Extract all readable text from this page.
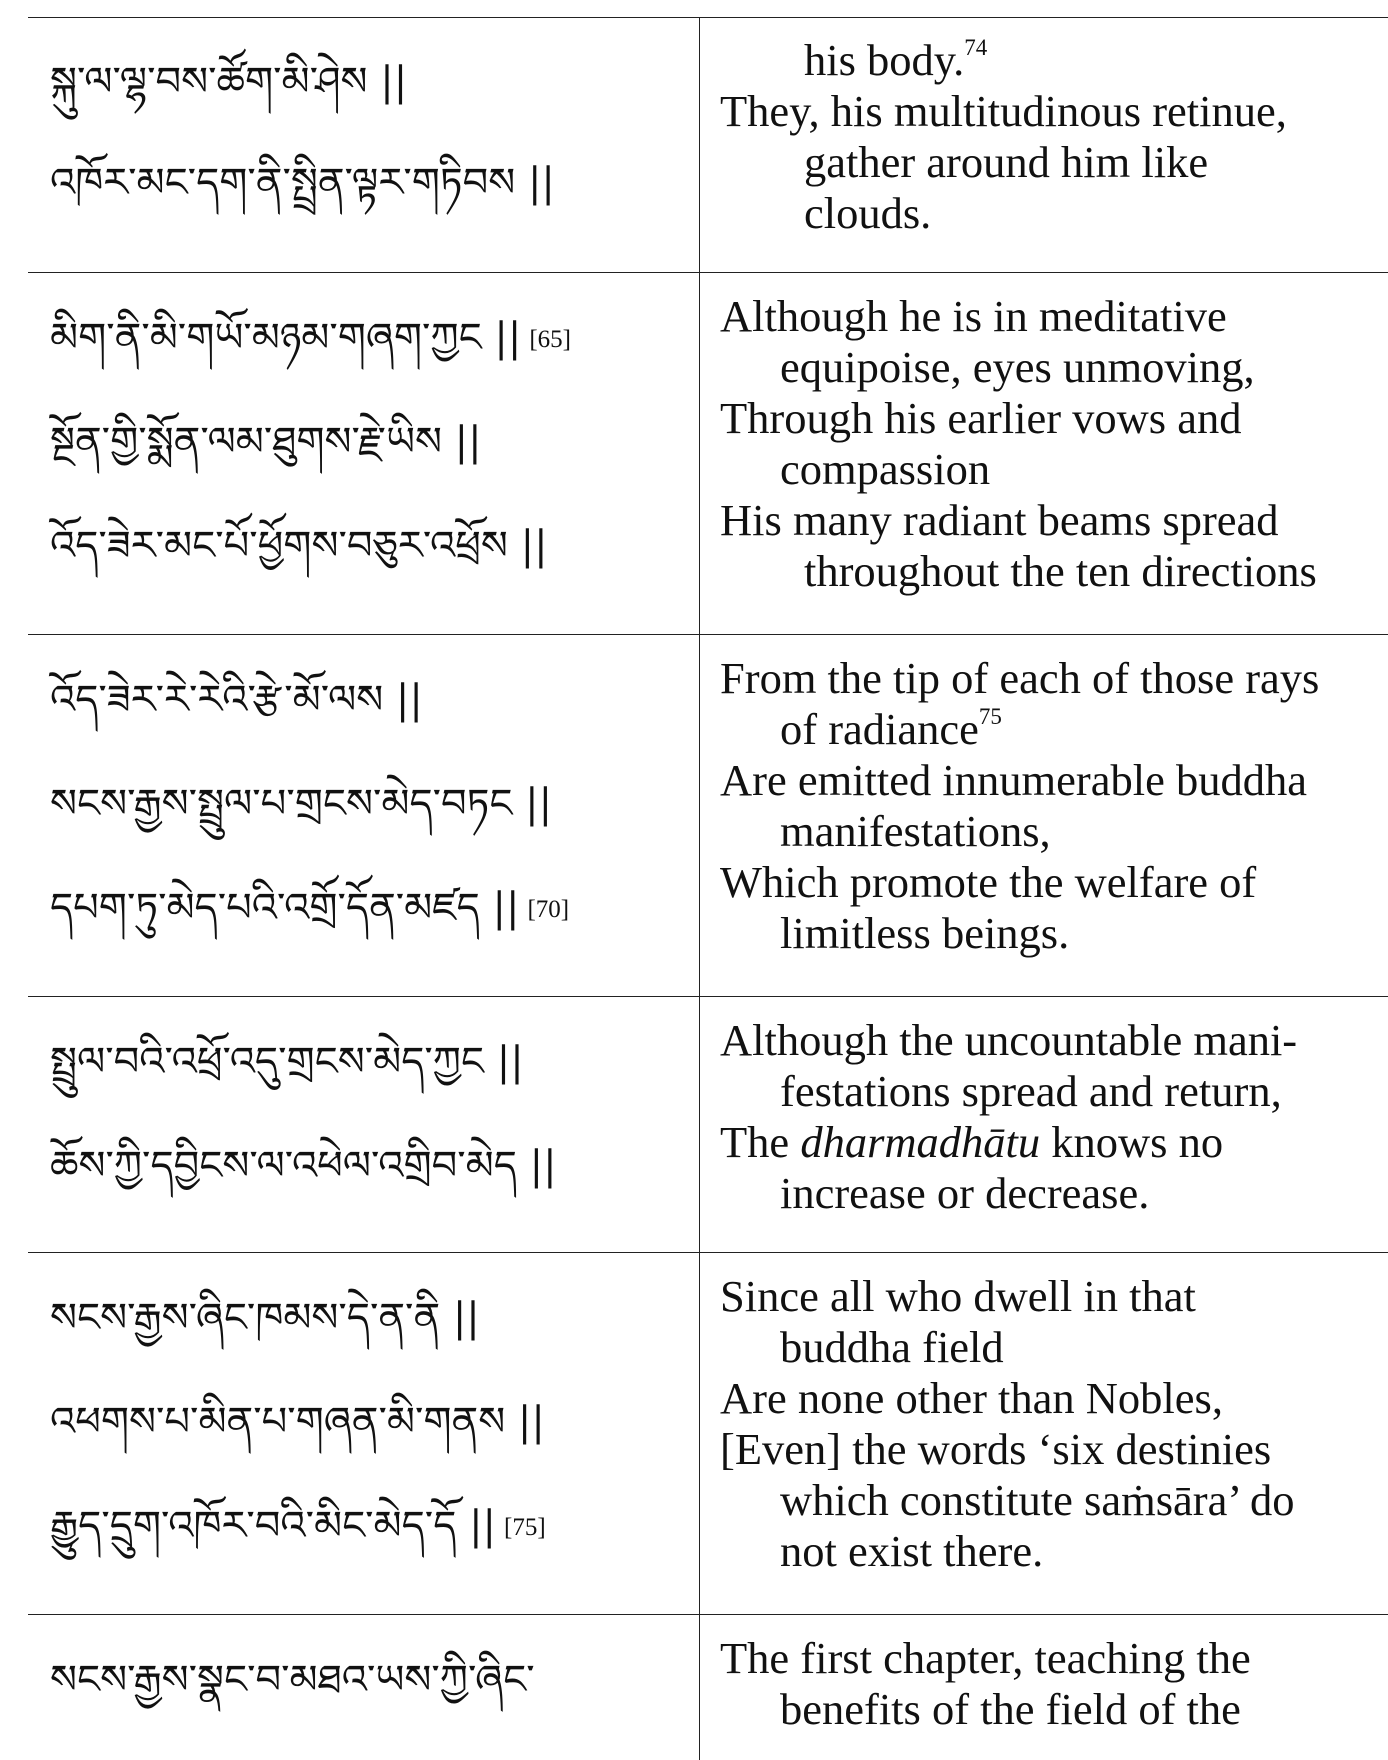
སྐུ་ལ་ལྷ་བས་ཚོག་མི་ཤེས ||
འཁོར་མང་དག་ནི་སྤྲིན་ལྟར་གཏིབས ||
his body.$^{74}$
They, his multitudinous retinue,
gather around him like
clouds.
མིག་ནི་མི་གཡོ་མཉམ་གཞག་ཀྱང || [65]
སྔོན་གྱི་སྨོན་ལམ་ཐུགས་རྗེ་ཡིས ||
འོད་ཟེར་མང་པོ་ཕྱོགས་བཅུར་འཕྲོས ||
Although he is in meditative
equipoise, eyes unmoving,
Through his earlier vows and
compassion
His many radiant beams spread
throughout the ten directions
འོད་ཟེར་རེ་རེའི་རྩེ་མོ་ལས ||
སངས་རྒྱས་སྤྲུལ་པ་གྲངས་མེད་བཏང ||
དཔག་ཏུ་མེད་པའི་འགྲོ་དོན་མཛད || [70]
From the tip of each of those rays
of radiance$^{75}$
Are emitted innumerable buddha
manifestations,
Which promote the welfare of
limitless beings.
སྤྲུལ་བའི་འཕྲོ་འདུ་གྲངས་མེད་ཀྱང ||
ཆོས་ཀྱི་དབྱིངས་ལ་འཕེལ་འགྲིབ་མེད ||
Although the uncountable mani-
festations spread and return,
The dharmadhātu knows no
increase or decrease.
སངས་རྒྱས་ཞིང་ཁམས་དེ་ན་ནི ||
འཕགས་པ་མིན་པ་གཞན་མི་གནས ||
རྒྱུད་དྲུག་འཁོར་བའི་མིང་མེད་དོ || [75]
Since all who dwell in that
buddha field
Are none other than Nobles,
[Even] the words ‘six destinies
which constitute saṁsāra’ do
not exist there.
སངས་རྒྱས་སྣང་བ་མཐའ་ཡས་ཀྱི་ཞིང་	The first chapter, teaching the
benefits of the field of the
